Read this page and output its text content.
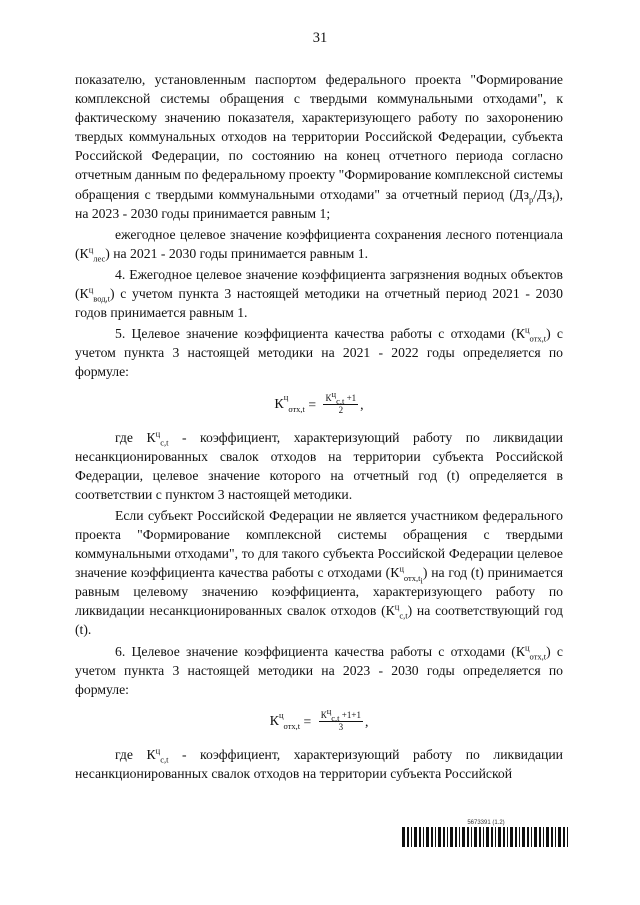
31

показателю, установленным паспортом федерального проекта "Формирование комплексной системы обращения с твердыми коммунальными отходами", к фактическому значению показателя, характеризующего работу по захоронению твердых коммунальных отходов на территории Российской Федерации, субъекта Российской Федерации, по состоянию на конец отчетного периода согласно отчетным данным по федеральному проекту "Формирование комплексной системы обращения с твердыми коммунальными отходами" за отчетный период $(Дз_р/Дз_f)$, на 2023 - 2030 годы принимается равным 1;

ежегодное целевое значение коэффициента сохранения лесного потенциала $(К^ц_{лес})$ на 2021 - 2030 годы принимается равным 1.

4. Ежегодное целевое значение коэффициента загрязнения водных объектов $(К^ц_{вод,t})$ с учетом пункта 3 настоящей методики на отчетный период 2021 - 2030 годов принимается равным 1.

5. Целевое значение коэффициента качества работы с отходами $(К^ц_{отх,t})$ с учетом пункта 3 настоящей методики на 2021 - 2022 годы определяется по формуле:

$К^ц_{отх,t} = \frac{К^ц_{с,t} +1}{2}$ ,

где $К^ц_{с,t}$ - коэффициент, характеризующий работу по ликвидации несанкционированных свалок отходов на территории субъекта Российской Федерации, целевое значение которого на отчетный год (t) определяется в соответствии с пунктом 3 настоящей методики.

Если субъект Российской Федерации не является участником федерального проекта "Формирование комплексной системы обращения с твердыми коммунальными отходами", то для такого субъекта Российской Федерации целевое значение коэффициента качества работы с отходами $(К^ц_{отх,t_i})$ на год (t) принимается равным целевому значению коэффициента, характеризующего работу по ликвидации несанкционированных свалок отходов $(К^ц_{с,t})$ на соответствующий год (t).

6. Целевое значение коэффициента качества работы с отходами $(К^ц_{отх,t})$ с учетом пункта 3 настоящей методики на 2023 - 2030 годы определяется по формуле:

$К^ц_{отх,t} = \frac{К^ц_{с,t} +1+1}{3}$ ,

где $К^ц_{с,t}$ - коэффициент, характеризующий работу по ликвидации несанкционированных свалок отходов на территории субъекта Российской

5673391 (1.2)
